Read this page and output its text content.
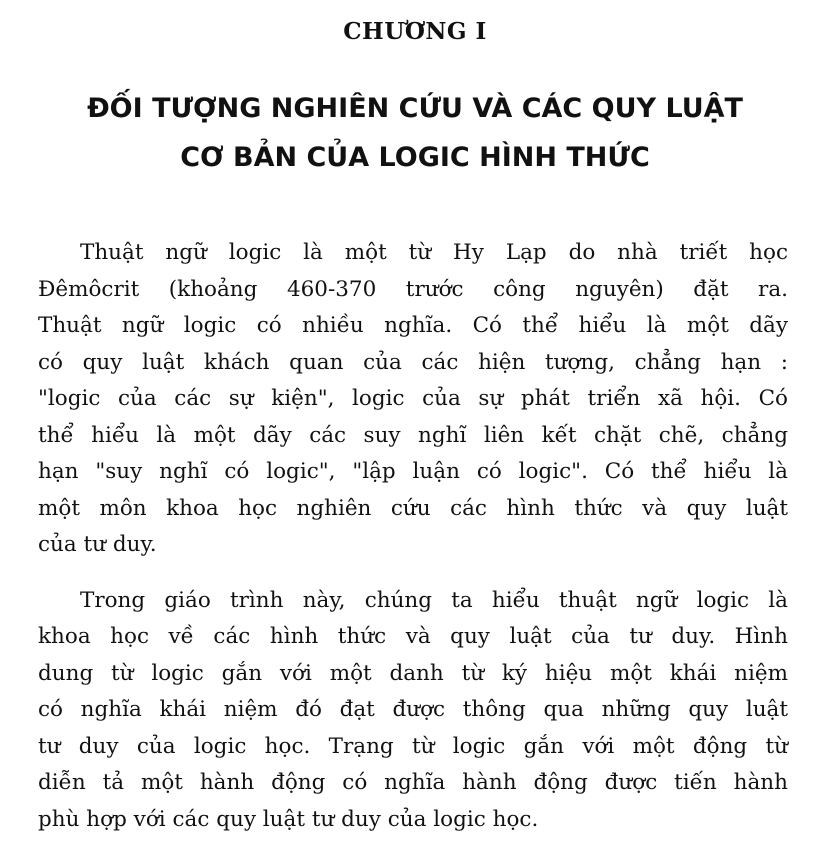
CHƯƠNG I
ĐỐI TƯỢNG NGHIÊN CỨU VÀ CÁC QUY LUẬT
CƠ BẢN CỦA LOGIC HÌNH THỨC

Thuật ngữ logic là một từ Hy Lạp do nhà triết học
Đêmôcrit (khoảng 460-370 trước công nguyên) đặt ra.
Thuật ngữ logic có nhiều nghĩa. Có thể hiểu là một dãy
có quy luật khách quan của các hiện tượng, chẳng hạn :
"logic của các sự kiện", logic của sự phát triển xã hội. Có
thể hiểu là một dãy các suy nghĩ liên kết chặt chẽ, chẳng
hạn "suy nghĩ có logic", "lập luận có logic". Có thể hiểu là
một môn khoa học nghiên cứu các hình thức và quy luật
của tư duy.

Trong giáo trình này, chúng ta hiểu thuật ngữ logic là
khoa học về các hình thức và quy luật của tư duy. Hình
dung từ logic gắn với một danh từ ký hiệu một khái niệm
có nghĩa khái niệm đó đạt được thông qua những quy luật
tư duy của logic học. Trạng từ logic gắn với một động từ
diễn tả một hành động có nghĩa hành động được tiến hành
phù hợp với các quy luật tư duy của logic học.
